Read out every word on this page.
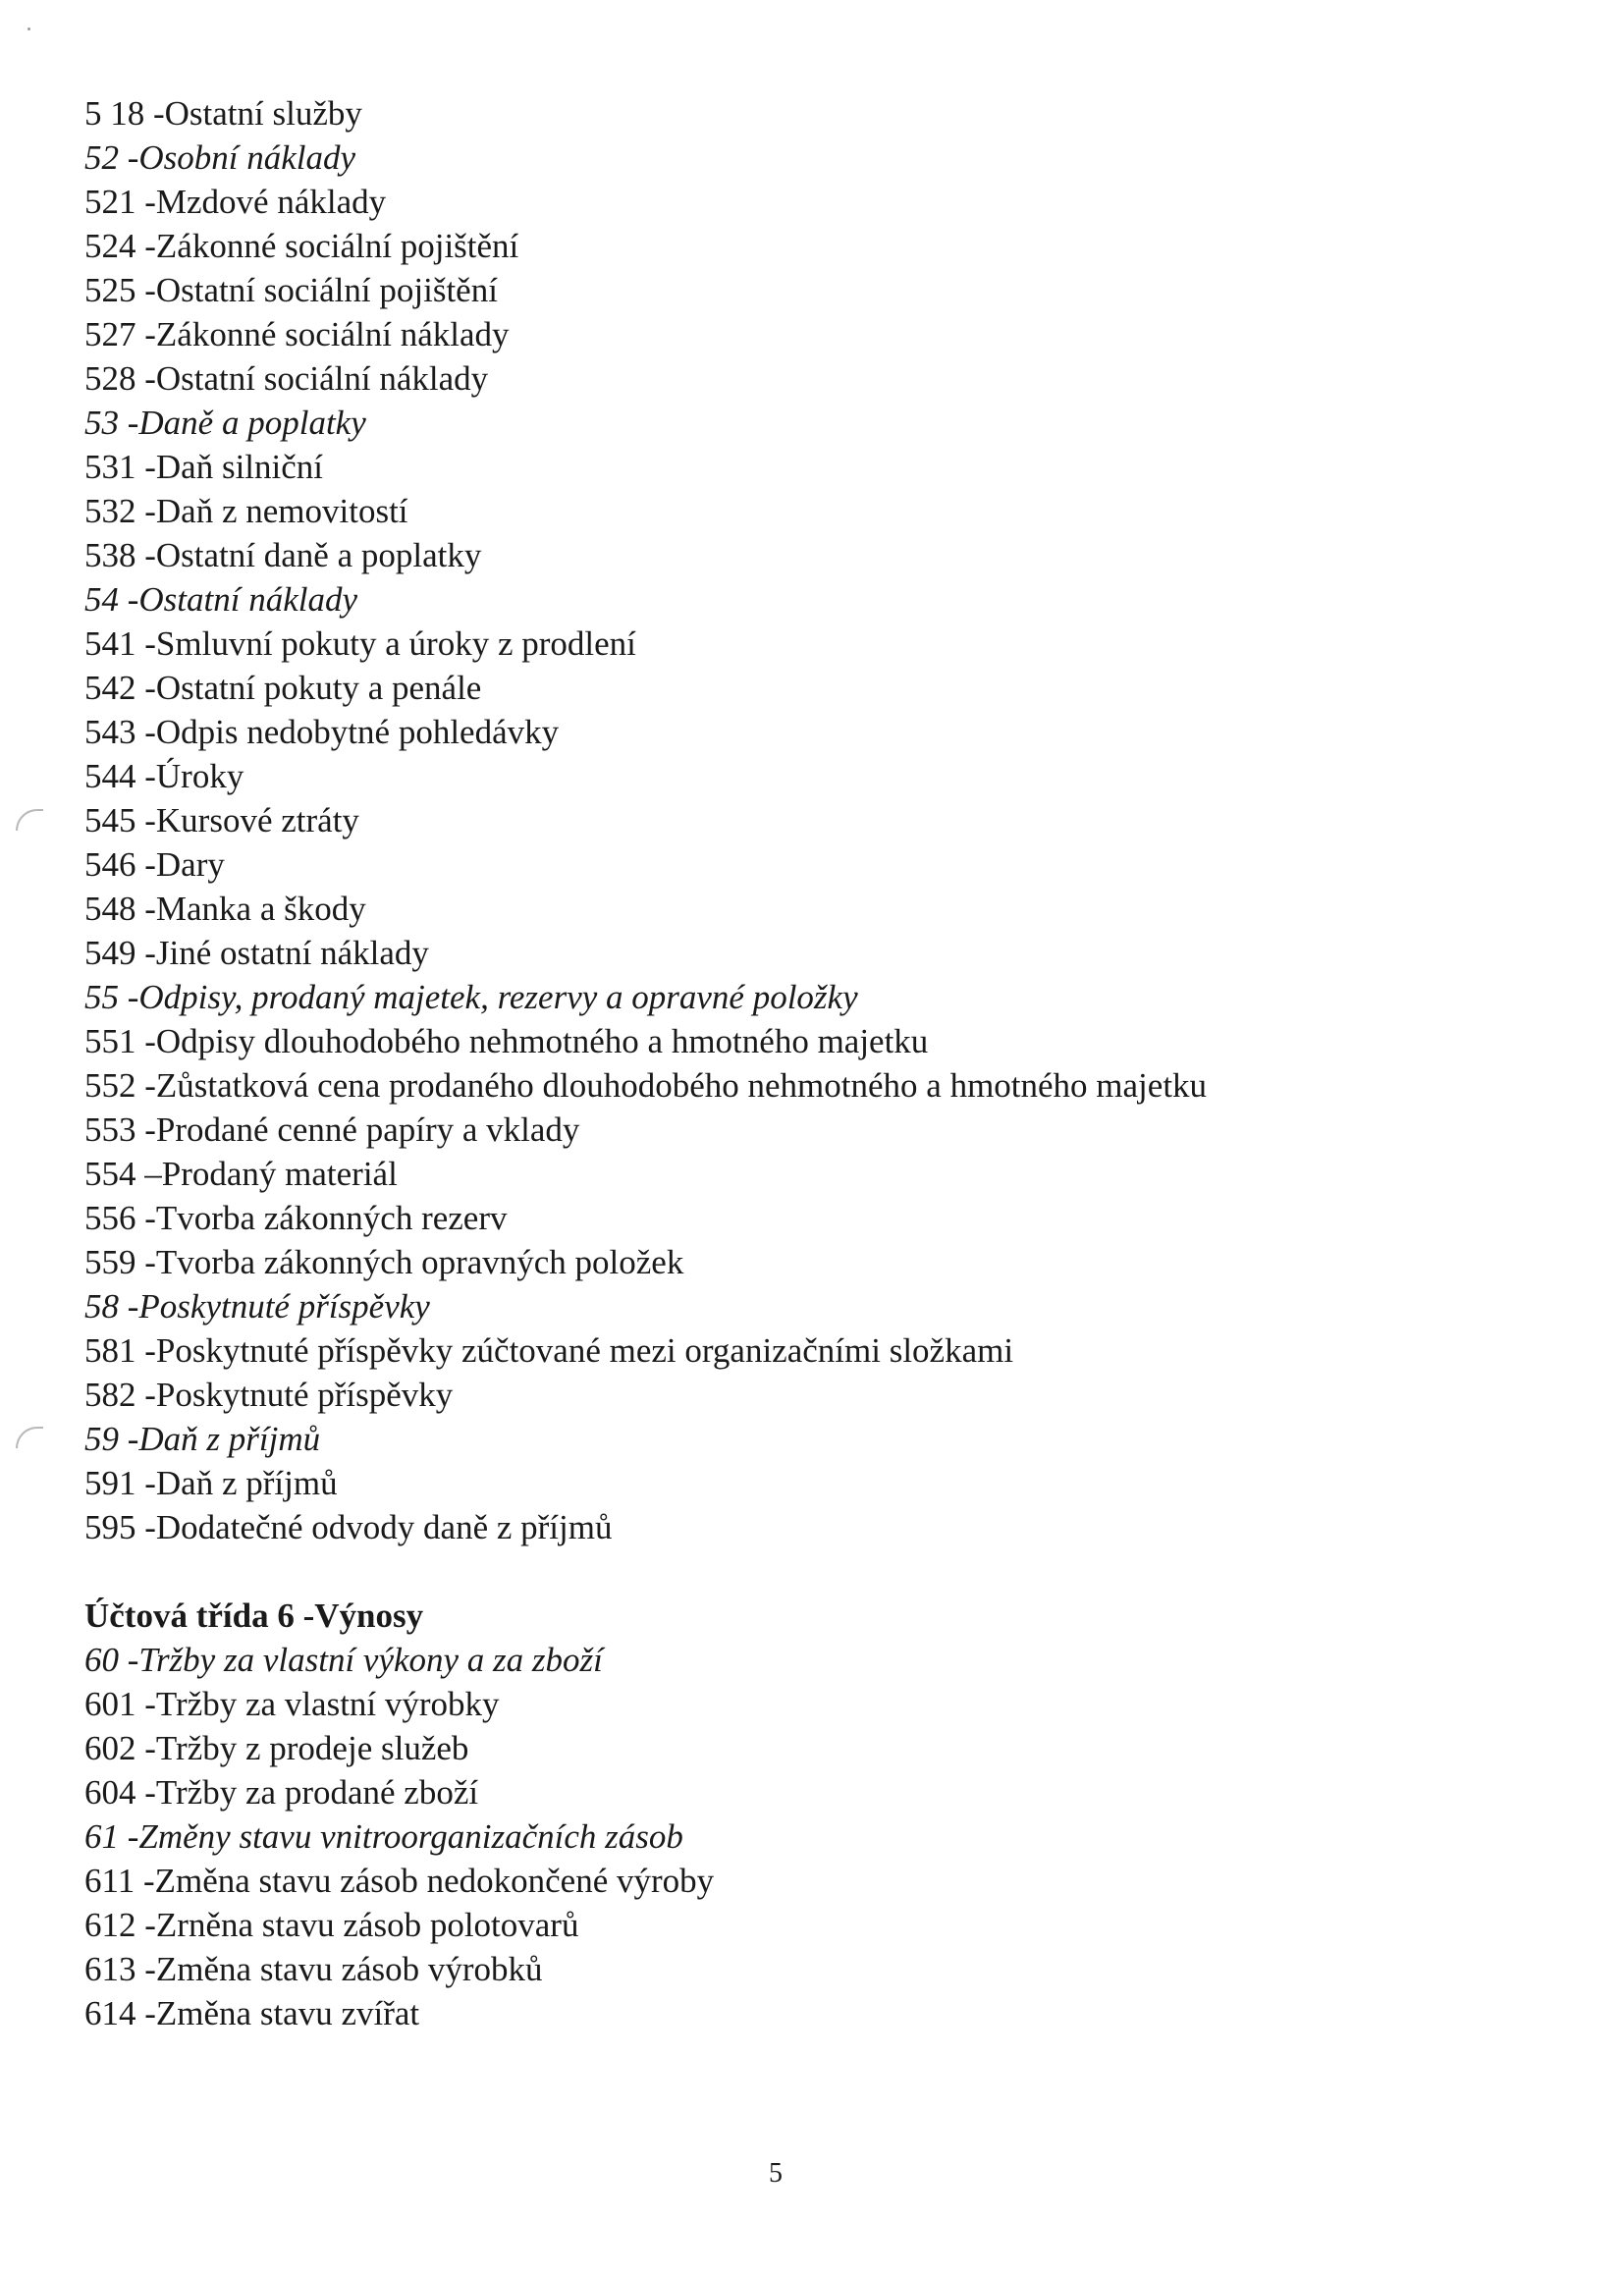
5 18 -Ostatní služby
52 -Osobní náklady
521 -Mzdové náklady
524 -Zákonné sociální pojištění
525 -Ostatní sociální pojištění
527 -Zákonné sociální náklady
528 -Ostatní sociální náklady
53 -Daně a poplatky
531 -Daň silniční
532 -Daň z nemovitostí
538 -Ostatní daně a poplatky
54 -Ostatní náklady
541 -Smluvní pokuty a úroky z prodlení
542 -Ostatní pokuty a penále
543 -Odpis nedobytné pohledávky
544 -Úroky
545 -Kursové ztráty
546 -Dary
548 -Manka a škody
549 -Jiné ostatní náklady
55 -Odpisy, prodaný majetek, rezervy a opravné položky
551 -Odpisy dlouhodobého nehmotného a hmotného majetku
552 -Zůstatková cena prodaného dlouhodobého nehmotného a hmotného majetku
553 -Prodané cenné papíry a vklady
554 –Prodaný materiál
556 -Tvorba zákonných rezerv
559 -Tvorba zákonných opravných položek
58 -Poskytnuté příspěvky
581 -Poskytnuté příspěvky zúčtované mezi organizačními složkami
582 -Poskytnuté příspěvky
59 -Daň z příjmů
591 -Daň z příjmů
595 -Dodatečné odvody daně z příjmů
Účtová třída 6 -Výnosy
60 -Tržby za vlastní výkony a za zboží
601 -Tržby za vlastní výrobky
602 -Tržby z prodeje služeb
604 -Tržby za prodané zboží
61 -Změny stavu vnitroorganizačních zásob
611 -Změna stavu zásob nedokončené výroby
612 -Zrněna stavu zásob polotovarů
613 -Změna stavu zásob výrobků
614 -Změna stavu zvířat
5
